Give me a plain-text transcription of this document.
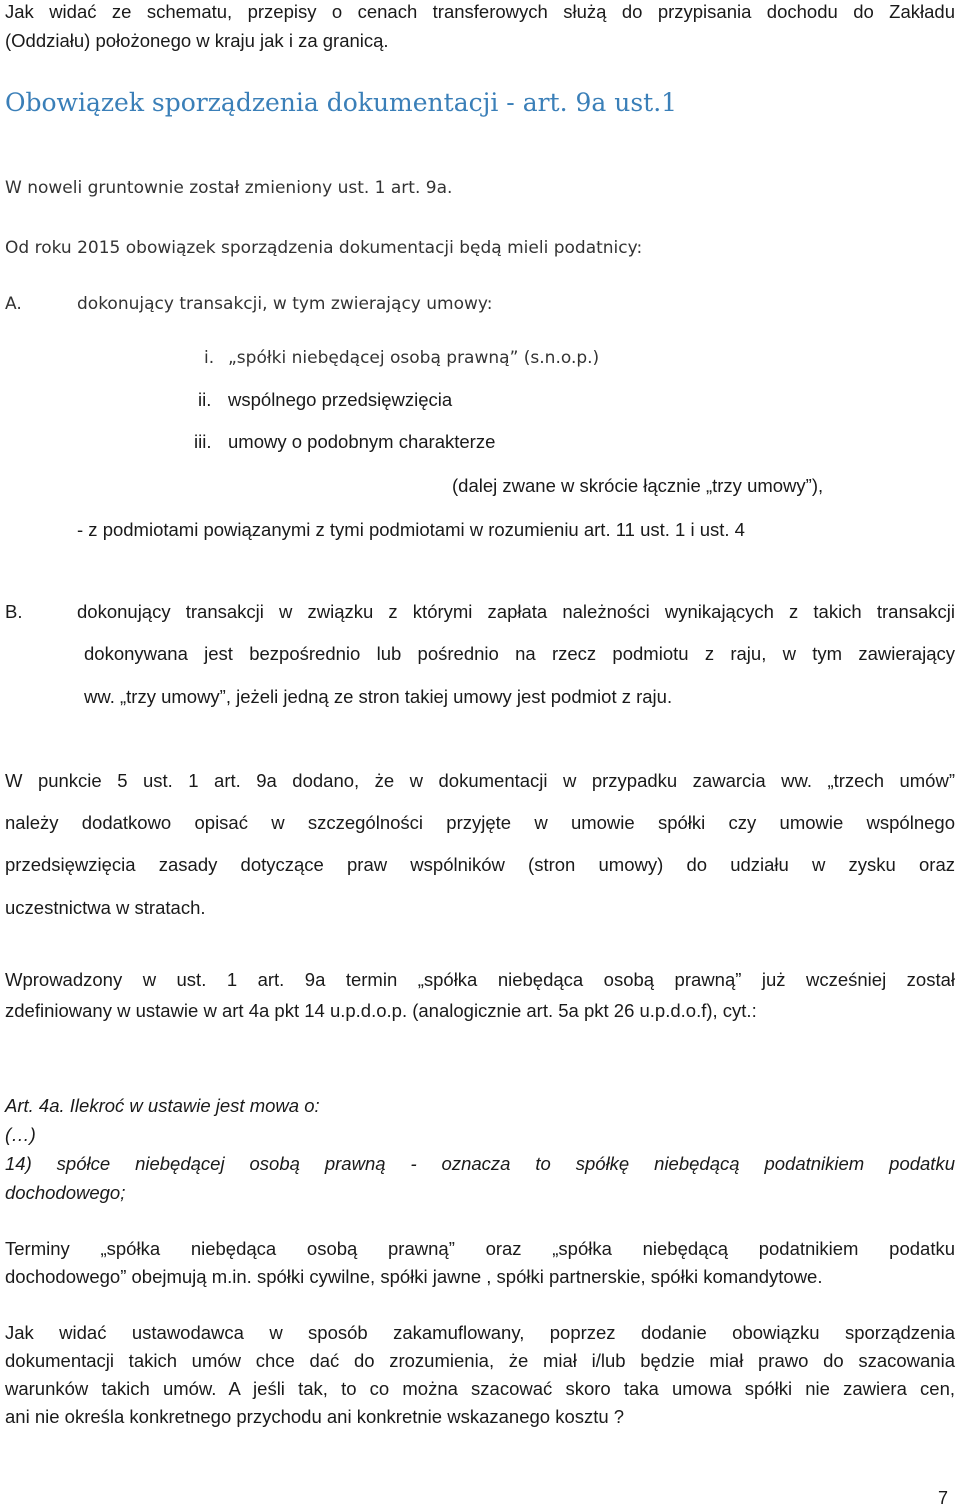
Jak widać ze schematu, przepisy o cenach transferowych służą do przypisania dochodu do Zakładu
(Oddziału) położonego w kraju jak i za granicą.
Obowiązek sporządzenia dokumentacji - art. 9a ust.1
W noweli gruntownie został zmieniony ust. 1 art. 9a.
Od roku 2015 obowiązek sporządzenia dokumentacji będą mieli podatnicy:
A.	dokonujący transakcji, w tym zwierający umowy:
i. „spółki niebędącej osobą prawną” (s.n.o.p.)
ii. wspólnego przedsięwzięcia
iii. umowy o podobnym charakterze
(dalej zwane w skrócie łącznie „trzy umowy”),
- z podmiotami powiązanymi z tymi podmiotami w rozumieniu art. 11 ust. 1 i ust. 4
B.	dokonujący transakcji w związku z którymi zapłata należności wynikających z takich transakcji
dokonywana jest bezpośrednio lub pośrednio na rzecz podmiotu z raju, w tym zawierający
ww. „trzy umowy”, jeżeli jedną ze stron takiej umowy jest podmiot z raju.
W punkcie 5 ust. 1 art. 9a dodano, że w dokumentacji w przypadku zawarcia ww. „trzech umów”
należy dodatkowo opisać w szczególności przyjęte w umowie spółki czy umowie wspólnego
przedsięwzięcia zasady dotyczące praw wspólników (stron umowy) do udziału w zysku oraz
uczestnictwa w stratach.
Wprowadzony w ust. 1 art. 9a termin „spółka niebędąca osobą prawną” już wcześniej został
zdefiniowany w ustawie w art 4a pkt 14 u.p.d.o.p. (analogicznie art. 5a pkt 26 u.p.d.o.f), cyt.:
Art. 4a. Ilekroć w ustawie jest mowa o:
(…)
14) spółce niebędącej osobą prawną - oznacza to spółkę niebędącą podatnikiem podatku
dochodowego;
Terminy „spółka niebędąca osobą prawną” oraz „spółka niebędącą podatnikiem podatku
dochodowego” obejmują m.in. spółki cywilne, spółki jawne , spółki partnerskie, spółki komandytowe.
Jak widać ustawodawca w sposób zakamuflowany, poprzez dodanie obowiązku sporządzenia
dokumentacji takich umów chce dać do zrozumienia, że miał i/lub będzie miał prawo do szacowania
warunków takich umów. A jeśli tak, to co można szacować skoro taka umowa spółki nie zawiera cen,
ani nie określa konkretnego przychodu ani konkretnie wskazanego kosztu ?
7
